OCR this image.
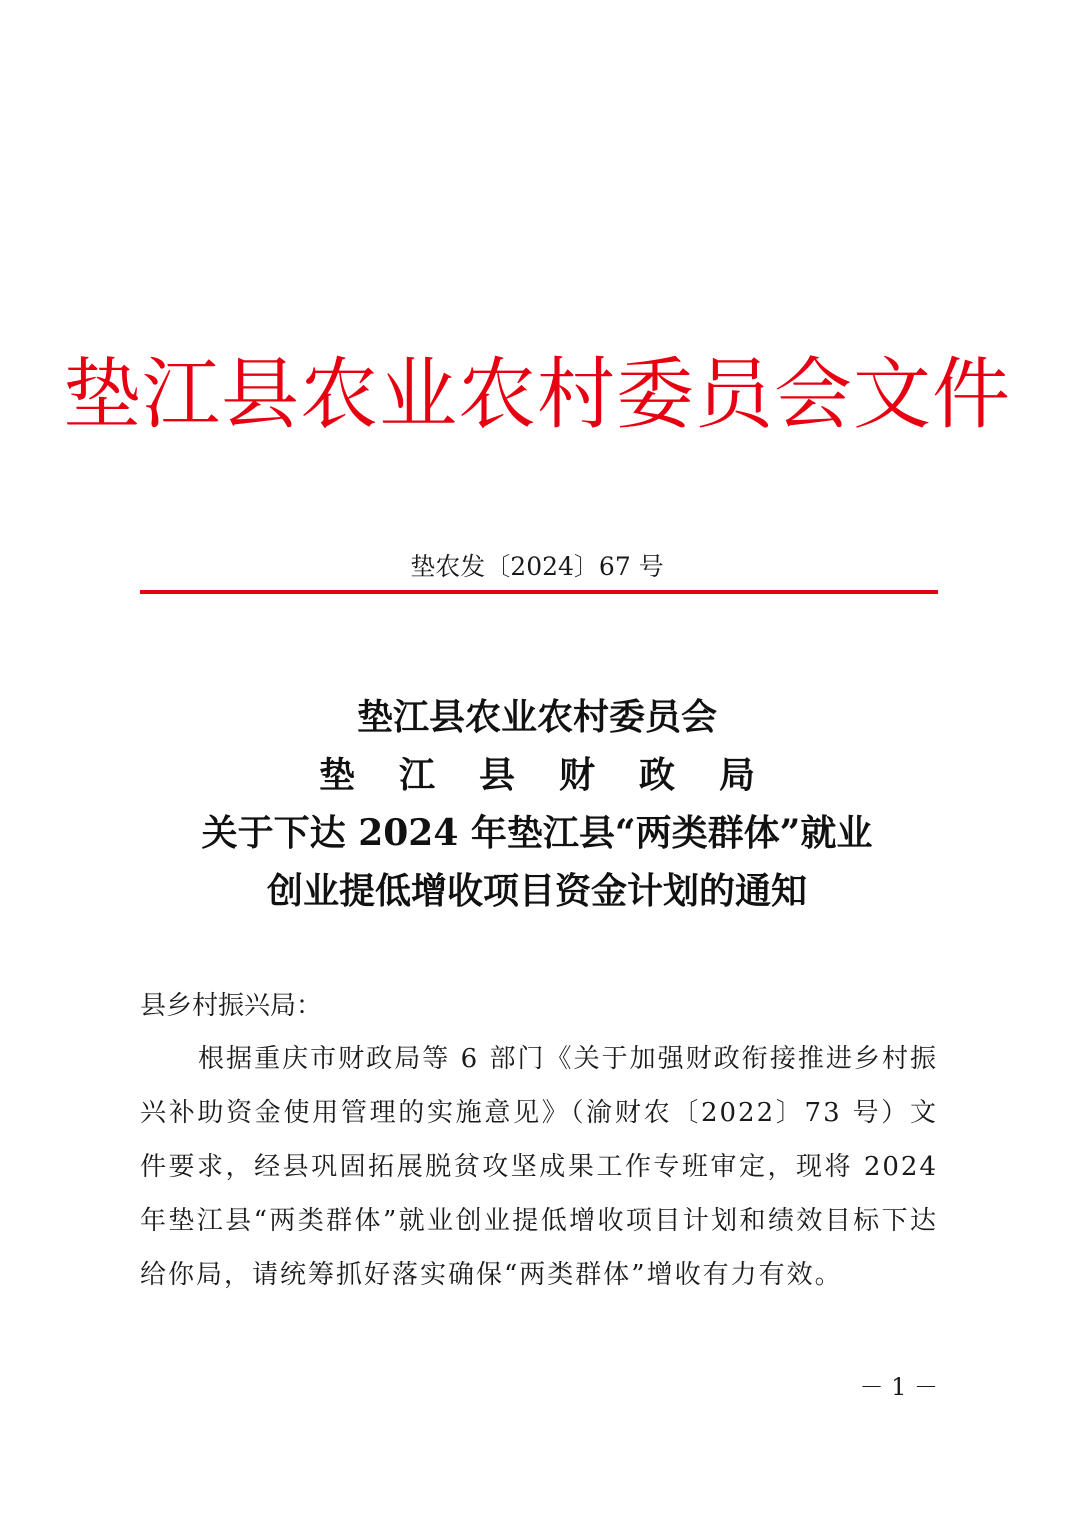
垫江县农业农村委员会文件
垫农发〔2024〕67 号
垫江县农业农村委员会
垫江县财政局
关于下达 2024 年垫江县“两类群体”就业
创业提低增收项目资金计划的通知
县乡村振兴局：

根据重庆市财政局等 6 部门《关于加强财政衔接推进乡村振兴补助资金使用管理的实施意见》（渝财农〔2022〕73 号）文件要求，经县巩固拓展脱贫攻坚成果工作专班审定，现将 2024 年垫江县“两类群体”就业创业提低增收项目计划和绩效目标下达给你局，请统筹抓好落实确保“两类群体”增收有力有效。

－ 1 －
